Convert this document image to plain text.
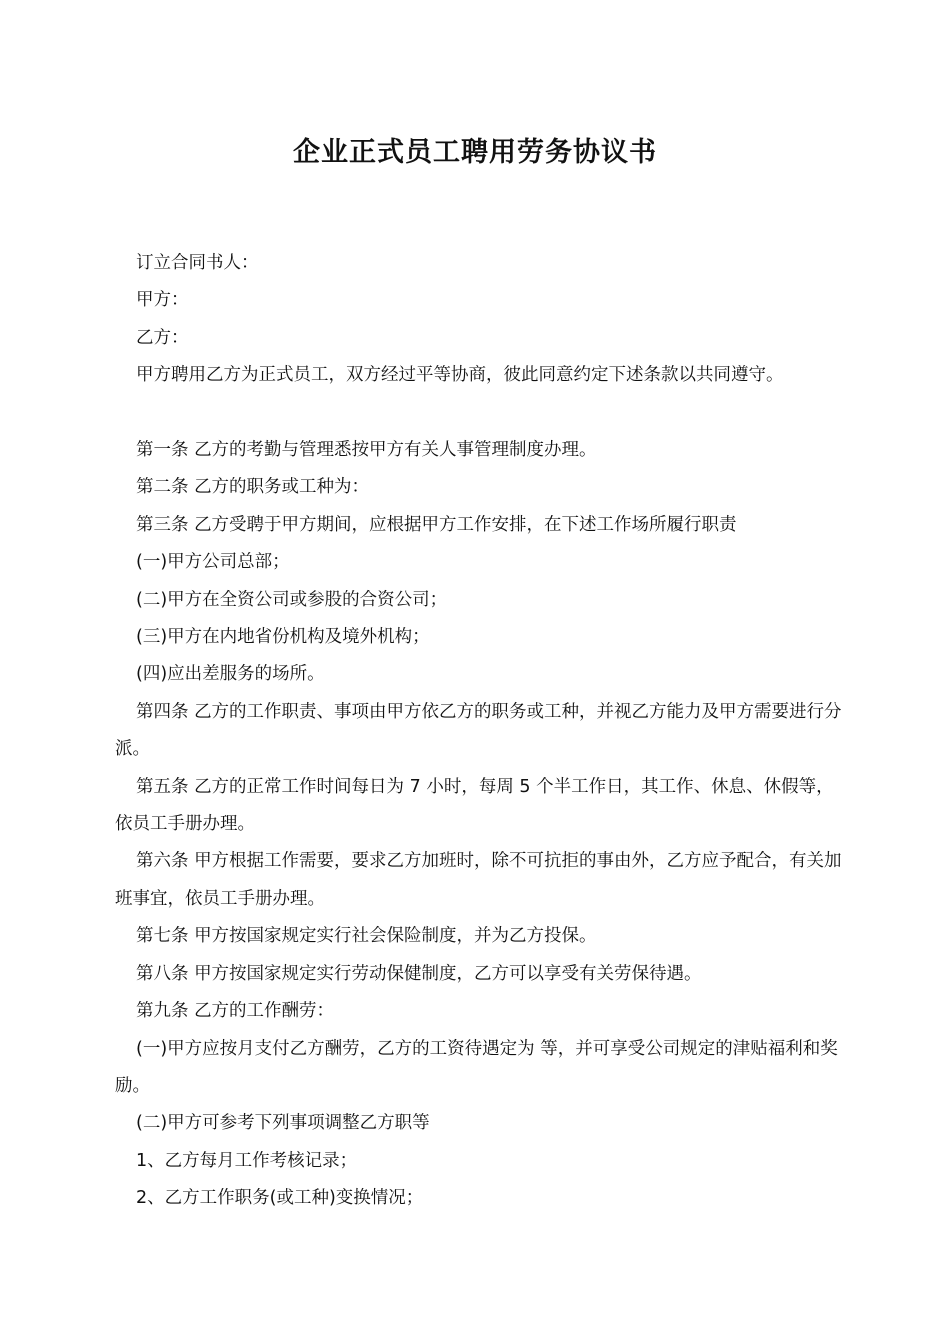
企业正式员工聘用劳务协议书

订立合同书人：

甲方：

乙方：

甲方聘用乙方为正式员工，双方经过平等协商，彼此同意约定下述条款以共同遵守。

第一条 乙方的考勤与管理悉按甲方有关人事管理制度办理。

第二条 乙方的职务或工种为：

第三条 乙方受聘于甲方期间，应根据甲方工作安排，在下述工作场所履行职责

(一)甲方公司总部；

(二)甲方在全资公司或参股的合资公司；

(三)甲方在内地省份机构及境外机构；

(四)应出差服务的场所。

第四条 乙方的工作职责、事项由甲方依乙方的职务或工种，并视乙方能力及甲方需要进行分派。

第五条 乙方的正常工作时间每日为 7 小时，每周 5 个半工作日，其工作、休息、休假等，依员工手册办理。

第六条 甲方根据工作需要，要求乙方加班时，除不可抗拒的事由外，乙方应予配合，有关加班事宜，依员工手册办理。

第七条 甲方按国家规定实行社会保险制度，并为乙方投保。

第八条 甲方按国家规定实行劳动保健制度，乙方可以享受有关劳保待遇。

第九条 乙方的工作酬劳：

(一)甲方应按月支付乙方酬劳，乙方的工资待遇定为 等，并可享受公司规定的津贴福利和奖励。

(二)甲方可参考下列事项调整乙方职等

1、乙方每月工作考核记录；

2、乙方工作职务(或工种)变换情况；
